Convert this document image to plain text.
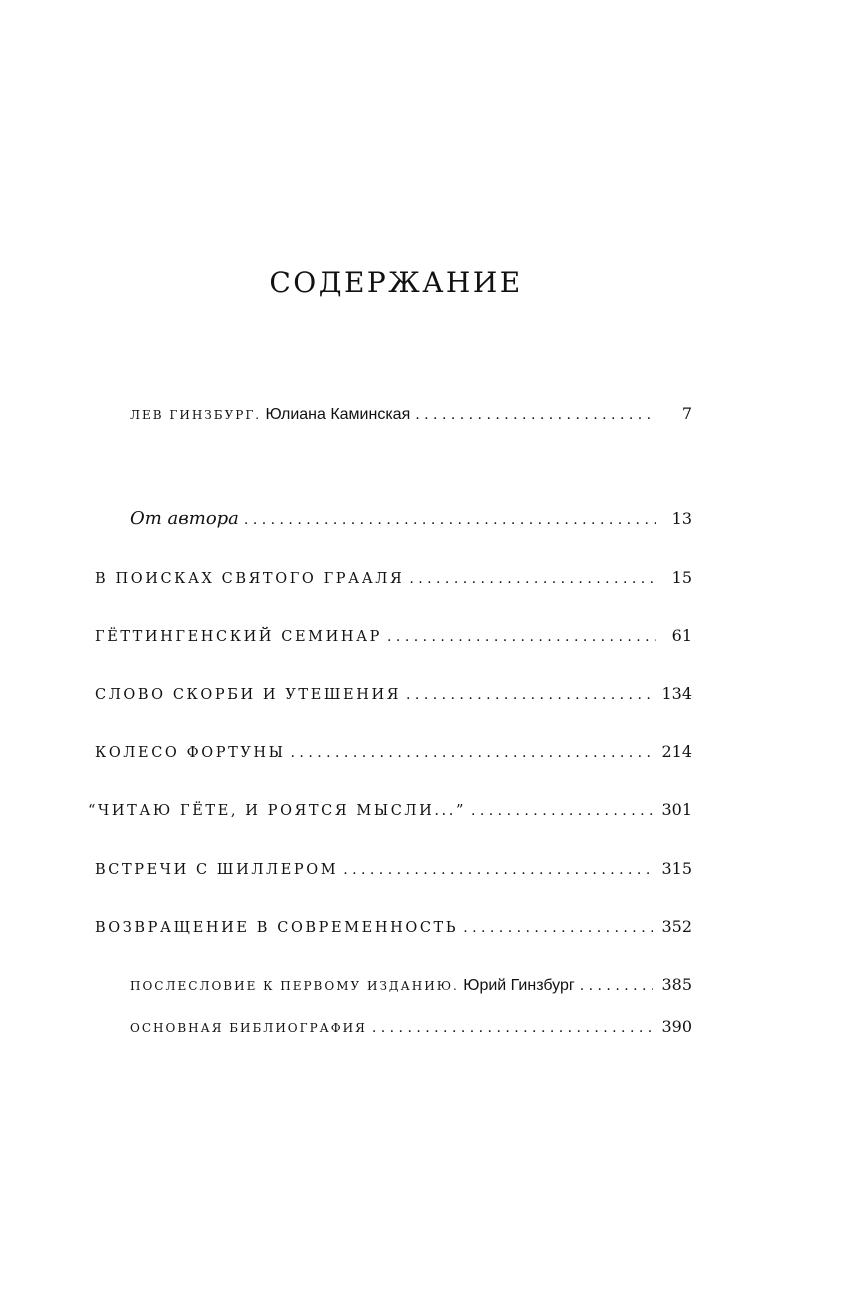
СОДЕРЖАНИЕ
ЛЕВ ГИНЗБУРГ. Юлиана Каминская . . .	7
От автора . . .	13
В ПОИСКАХ СВЯТОГО ГРААЛЯ . . .	15
ГЁТТИНГЕНСКИЙ СЕМИНАР . . .	61
СЛОВО СКОРБИ И УТЕШЕНИЯ . . .	134
КОЛЕСО ФОРТУНЫ . . .	214
“ЧИТАЮ ГЁТЕ, И РОЯТСЯ МЫСЛИ...” . . .	301
ВСТРЕЧИ С ШИЛЛЕРОМ . . .	315
ВОЗВРАЩЕНИЕ В СОВРЕМЕННОСТЬ . . .	352
ПОСЛЕСЛОВИЕ К ПЕРВОМУ ИЗДАНИЮ. Юрий Гинзбург . . .	385
ОСНОВНАЯ БИБЛИОГРАФИЯ . . .	390
